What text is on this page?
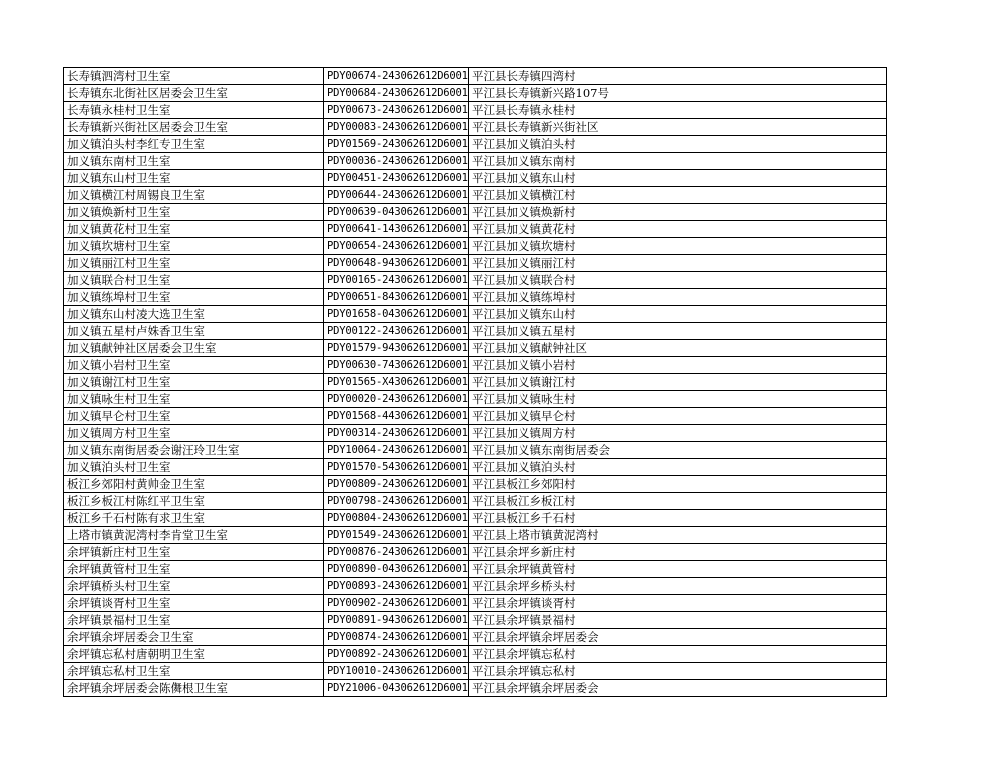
长寿镇泗湾村卫生室	PDY00674-243062612D6001	平江县长寿镇四湾村
长寿镇东北街社区居委会卫生室	PDY00684-243062612D6001	平江县长寿镇新兴路107号
长寿镇永桂村卫生室	PDY00673-243062612D6001	平江县长寿镇永桂村
长寿镇新兴街社区居委会卫生室	PDY00083-243062612D6001	平江县长寿镇新兴街社区
加义镇泊头村李红专卫生室	PDY01569-243062612D6001	平江县加义镇泊头村
加义镇东南村卫生室	PDY00036-243062612D6001	平江县加义镇东南村
加义镇东山村卫生室	PDY00451-243062612D6001	平江县加义镇东山村
加义镇横江村周锡良卫生室	PDY00644-243062612D6001	平江县加义镇横江村
加义镇焕新村卫生室	PDY00639-043062612D6001	平江县加义镇焕新村
加义镇黄花村卫生室	PDY00641-143062612D6001	平江县加义镇黄花村
加义镇坎塘村卫生室	PDY00654-243062612D6001	平江县加义镇坎塘村
加义镇丽江村卫生室	PDY00648-943062612D6001	平江县加义镇丽江村
加义镇联合村卫生室	PDY00165-243062612D6001	平江县加义镇联合村
加义镇练埠村卫生室	PDY00651-843062612D6001	平江县加义镇练埠村
加义镇东山村凌大选卫生室	PDY01658-043062612D6001	平江县加义镇东山村
加义镇五星村卢姝香卫生室	PDY00122-243062612D6001	平江县加义镇五星村
加义镇献钟社区居委会卫生室	PDY01579-943062612D6001	平江县加义镇献钟社区
加义镇小岩村卫生室	PDY00630-743062612D6001	平江县加义镇小岩村
加义镇谢江村卫生室	PDY01565-X43062612D6001	平江县加义镇谢江村
加义镇咏生村卫生室	PDY00020-243062612D6001	平江县加义镇咏生村
加义镇早仑村卫生室	PDY01568-443062612D6001	平江县加义镇早仑村
加义镇周方村卫生室	PDY00314-243062612D6001	平江县加义镇周方村
加义镇东南街居委会谢汪玲卫生室	PDY10064-243062612D6001	平江县加义镇东南街居委会
加义镇泊头村卫生室	PDY01570-543062612D6001	平江县加义镇泊头村
板江乡郊阳村黄帅金卫生室	PDY00809-243062612D6001	平江县板江乡郊阳村
板江乡板江村陈红平卫生室	PDY00798-243062612D6001	平江县板江乡板江村
板江乡千石村陈有求卫生室	PDY00804-243062612D6001	平江县板江乡千石村
上塔市镇黄泥湾村李肯堂卫生室	PDY01549-243062612D6001	平江县上塔市镇黄泥湾村
余坪镇新庄村卫生室	PDY00876-243062612D6001	平江县余坪乡新庄村
余坪镇黄管村卫生室	PDY00890-043062612D6001	平江县余坪镇黄管村
余坪镇桥头村卫生室	PDY00893-243062612D6001	平江县余坪乡桥头村
余坪镇谈胥村卫生室	PDY00902-243062612D6001	平江县余坪镇谈胥村
余坪镇景福村卫生室	PDY00891-943062612D6001	平江县余坪镇景福村
余坪镇余坪居委会卫生室	PDY00874-243062612D6001	平江县余坪镇余坪居委会
余坪镇忘私村唐朝明卫生室	PDY00892-243062612D6001	平江县余坪镇忘私村
余坪镇忘私村卫生室	PDY10010-243062612D6001	平江县余坪镇忘私村
余坪镇余坪居委会陈儛根卫生室	PDY21006-043062612D6001	平江县余坪镇余坪居委会
